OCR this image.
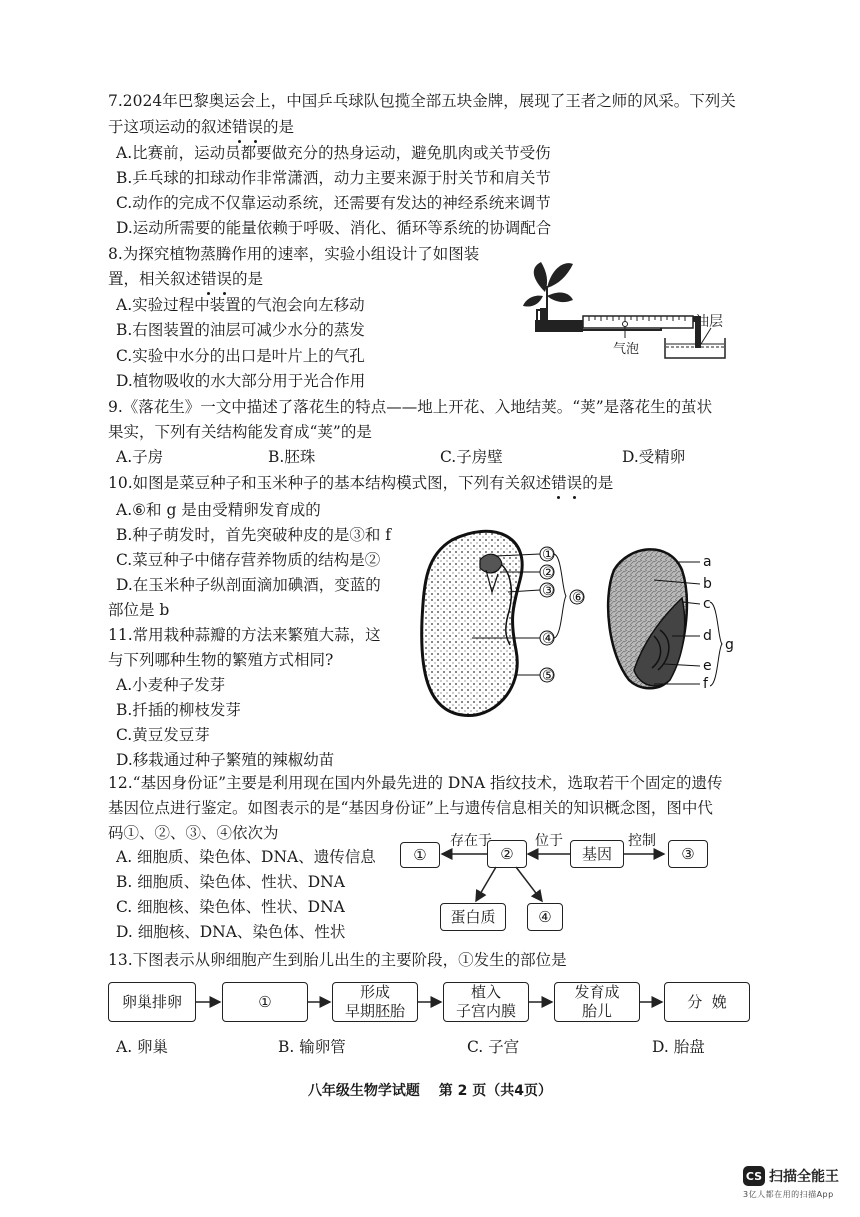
7.2024年巴黎奥运会上，中国乒乓球队包揽全部五块金牌，展现了王者之师的风采。下列关
于这项运动的叙述错误的是
A.比赛前，运动员都要做充分的热身运动，避免肌肉或关节受伤
B.乒乓球的扣球动作非常潇洒，动力主要来源于肘关节和肩关节
C.动作的完成不仅靠运动系统，还需要有发达的神经系统来调节
D.运动所需要的能量依赖于呼吸、消化、循环等系统的协调配合
8.为探究植物蒸腾作用的速率，实验小组设计了如图装
置，相关叙述错误的是
A.实验过程中装置的气泡会向左移动
B.右图装置的油层可减少水分的蒸发
C.实验中水分的出口是叶片上的气孔
D.植物吸收的水大部分用于光合作用
气泡
油层
9.《落花生》一文中描述了落花生的特点——地上开花、入地结荚。“荚”是落花生的茧状
果实，下列有关结构能发育成“荚”的是
A.子房	B.胚珠	C.子房壁	D.受精卵
10.如图是菜豆种子和玉米种子的基本结构模式图，下列有关叙述错误的是
A.⑥和 g 是由受精卵发育成的
B.种子萌发时，首先突破种皮的是③和 f
C.菜豆种子中储存营养物质的结构是②
D.在玉米种子纵剖面滴加碘酒，变蓝的
部位是 b
①
②
③
④
⑤
⑥
a
b
c
d
e
f
g
11.常用栽种蒜瓣的方法来繁殖大蒜，这
与下列哪种生物的繁殖方式相同?
A.小麦种子发芽
B.扦插的柳枝发芽
C.黄豆发豆芽
D.移栽通过种子繁殖的辣椒幼苗
12.“基因身份证”主要是利用现在国内外最先进的 DNA 指纹技术，选取若干个固定的遗传
基因位点进行鉴定。如图表示的是“基因身份证”上与遗传信息相关的知识概念图，图中代
码①、②、③、④依次为
A. 细胞质、染色体、DNA、遗传信息
B. 细胞质、染色体、性状、DNA
C. 细胞核、染色体、性状、DNA
D. 细胞核、DNA、染色体、性状
①	②	基因	③
蛋白质	④
存在于	位于	控制
13.下图表示从卵细胞产生到胎儿出生的主要阶段，①发生的部位是
卵巢排卵	①
形成
早期胚胎
植入
子宫内膜
发育成
胎儿
分  娩
A. 卵巢	B. 输卵管	C. 子宫	D. 胎盘
八年级生物学试题　 第 2 页（共4页）
CS 扫描全能王
3亿人都在用的扫描App
